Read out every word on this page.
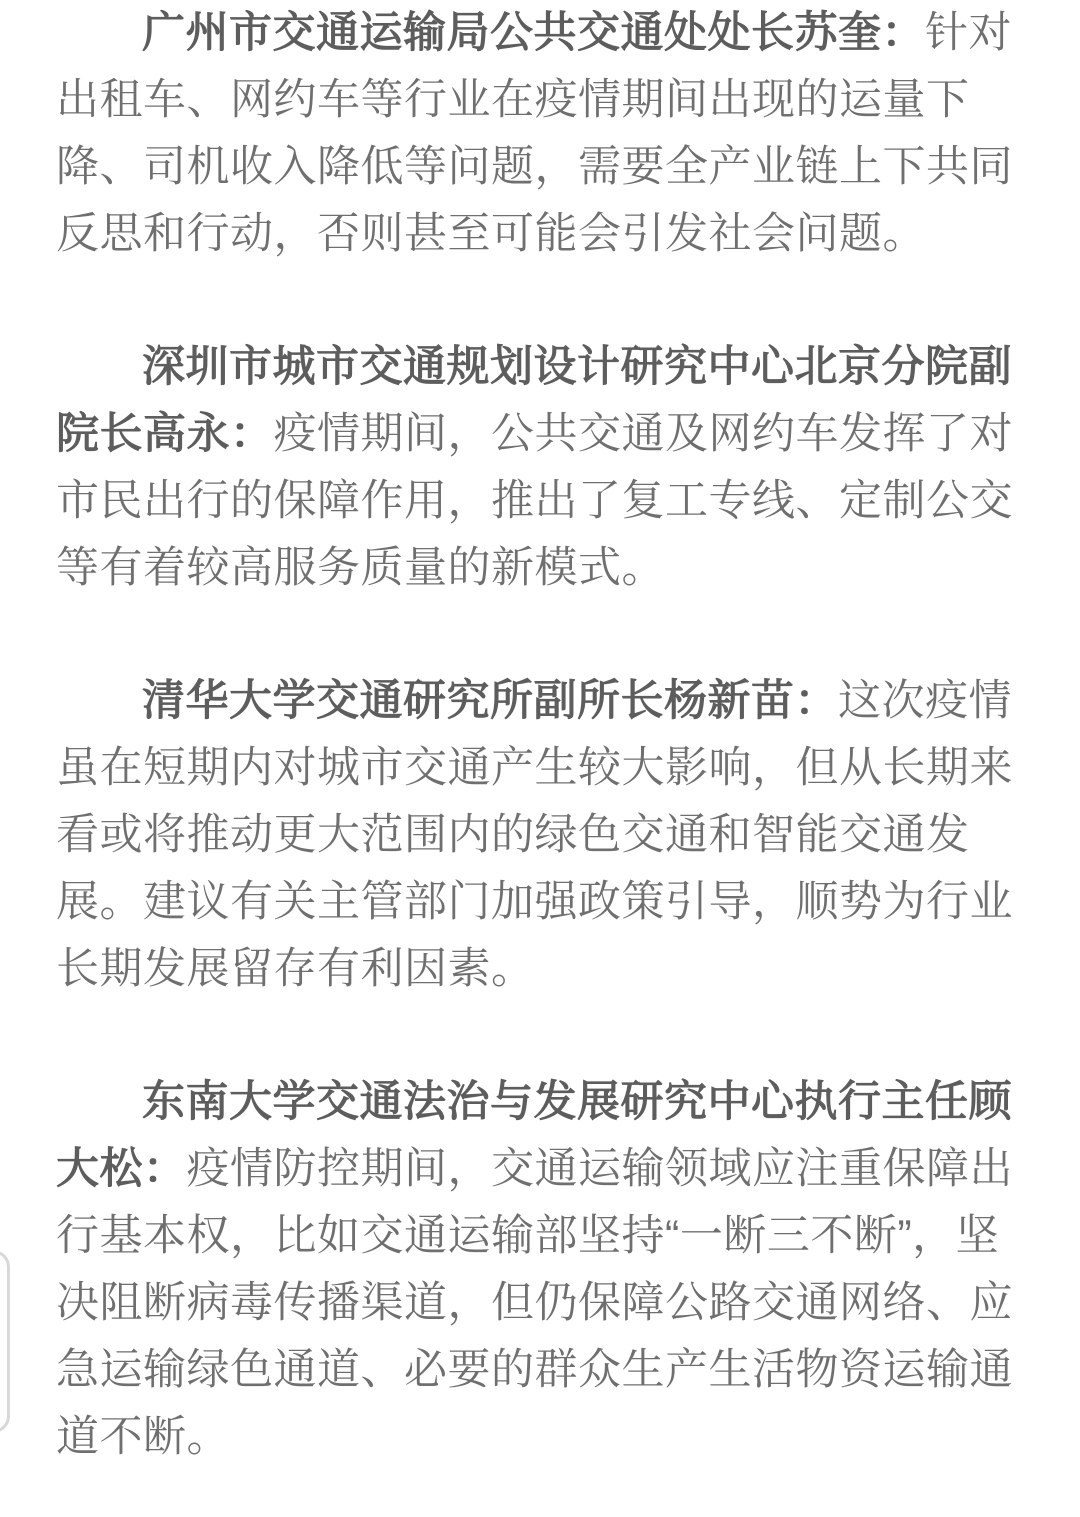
广州市交通运输局公共交通处处长苏奎：针对
出租车、网约车等行业在疫情期间出现的运量下
降、司机收入降低等问题，需要全产业链上下共同
反思和行动，否则甚至可能会引发社会问题。

深圳市城市交通规划设计研究中心北京分院副
院长高永：疫情期间，公共交通及网约车发挥了对
市民出行的保障作用，推出了复工专线、定制公交
等有着较高服务质量的新模式。

清华大学交通研究所副所长杨新苗：这次疫情
虽在短期内对城市交通产生较大影响，但从长期来
看或将推动更大范围内的绿色交通和智能交通发
展。建议有关主管部门加强政策引导，顺势为行业
长期发展留存有利因素。

东南大学交通法治与发展研究中心执行主任顾
大松：疫情防控期间，交通运输领域应注重保障出
行基本权，比如交通运输部坚持“一断三不断”，坚
决阻断病毒传播渠道，但仍保障公路交通网络、应
急运输绿色通道、必要的群众生产生活物资运输通
道不断。
